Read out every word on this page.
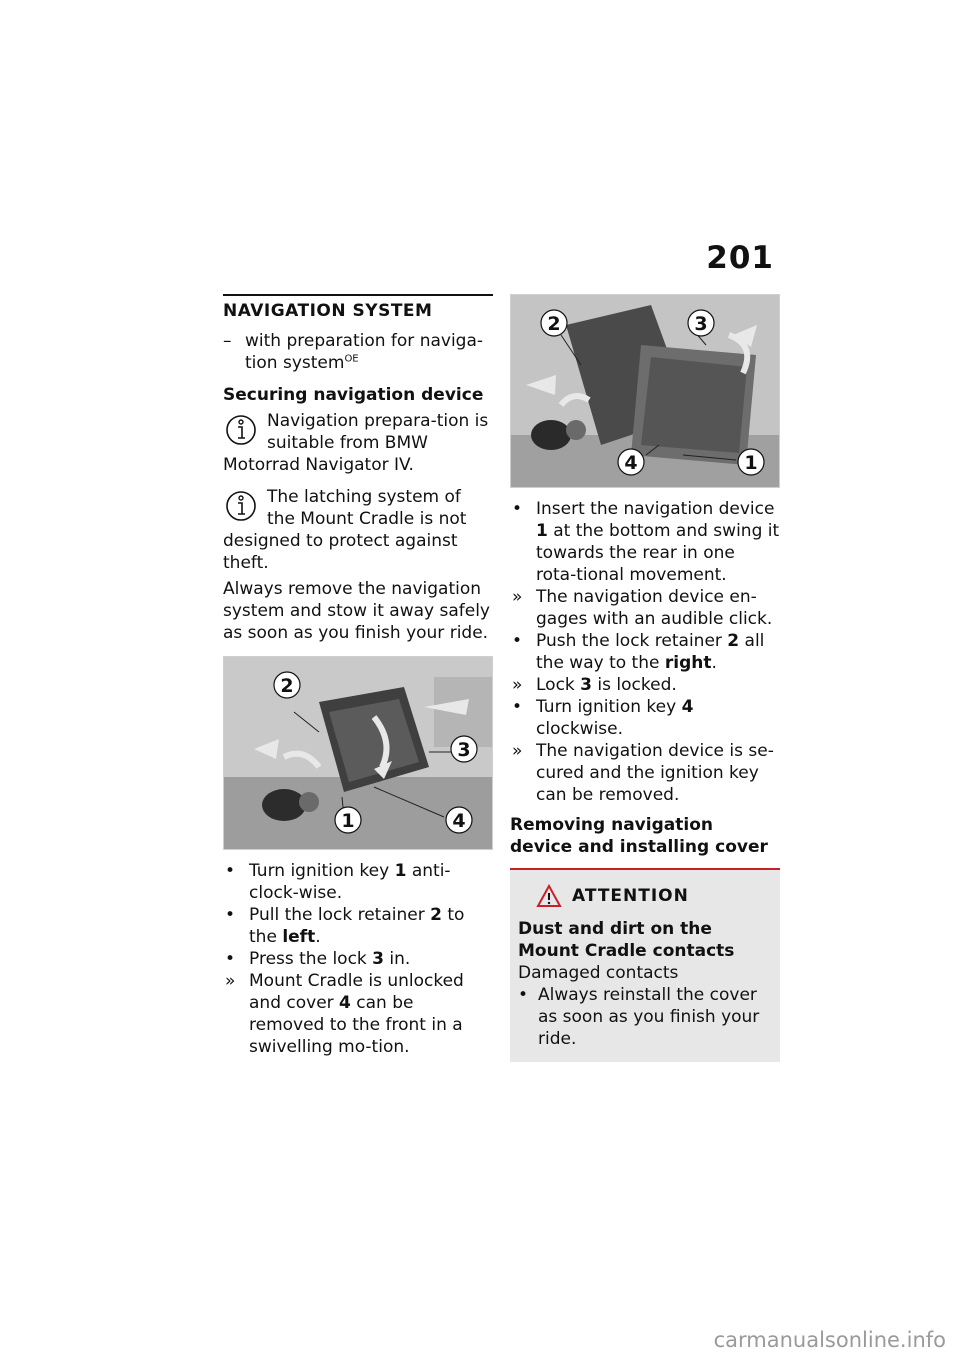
201
NAVIGATION SYSTEM
– with preparation for naviga-tion system$^{OE}$
Securing navigation device
Navigation prepara-tion is suitable from BMW Motorrad Navigator IV.
The latching system of the Mount Cradle is not designed to protect against theft.
Always remove the navigation system and stow it away safely as soon as you finish your ride.
2
3
1	4
• Turn ignition key 1 anti-clock-wise.
• Pull the lock retainer 2 to the left.
• Press the lock 3 in.
» Mount Cradle is unlocked and cover 4 can be removed to the front in a swivelling mo-tion.
2	3
4	1
• Insert the navigation device 1 at the bottom and swing it towards the rear in one rota-tional movement.
» The navigation device en-gages with an audible click.
• Push the lock retainer 2 all the way to the right.
» Lock 3 is locked.
• Turn ignition key 4 clockwise.
» The navigation device is se-cured and the ignition key can be removed.
Removing navigation device and installing cover
ATTENTION
Dust and dirt on the Mount Cradle contacts
Damaged contacts
• Always reinstall the cover as soon as you finish your ride.
carmanualsonline.info
